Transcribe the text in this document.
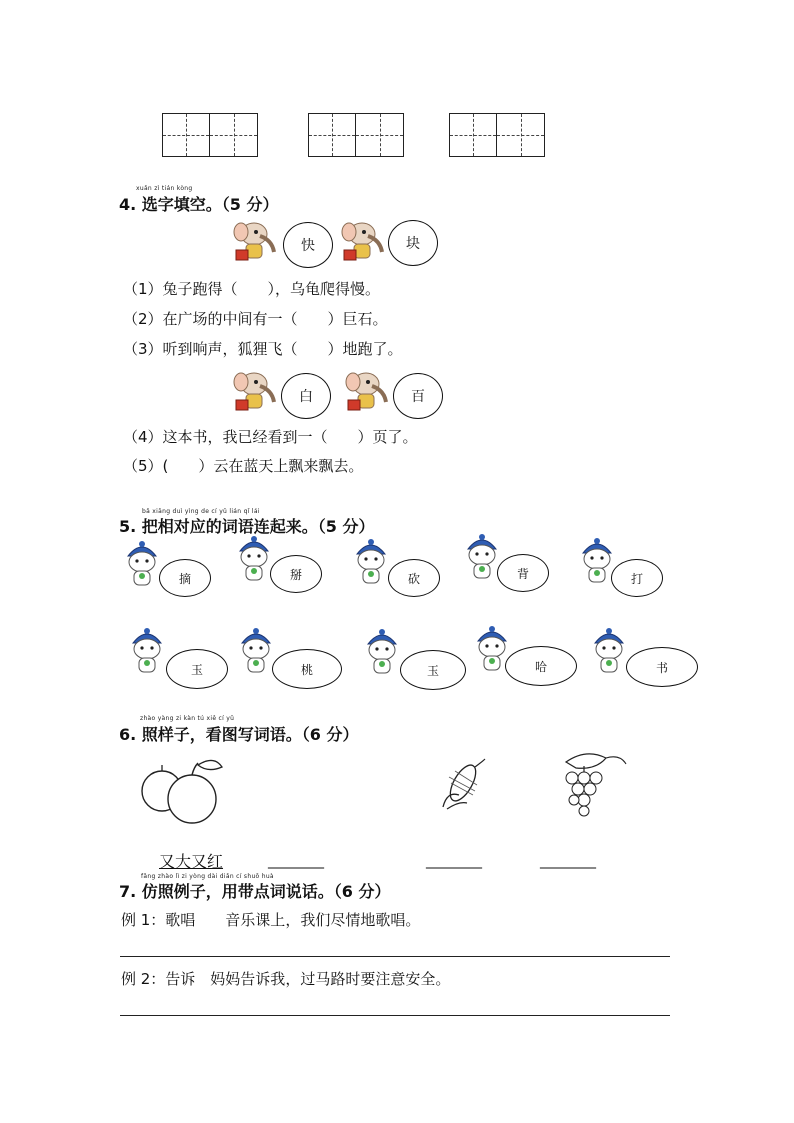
xuǎn zì tián kòng
4. 选字填空。（5 分）
快	块
（1）兔子跑得（　　），乌龟爬得慢。
（2）在广场的中间有一（　　）巨石。
（3）听到响声，狐狸飞（　　）地跑了。
白	百
（4）这本书，我已经看到一（　　）页了。
（5）(　　）云在蓝天上飘来飘去。
bǎ xiāng duì yìng de cí yǔ lián qǐ lái
5. 把相对应的词语连起来。（5 分）
摘	掰	砍	背	打
玉	桃	玉	哈	书
zhào yàng zi kàn tú xiě cí yǔ
6. 照样子，看图写词语。（6 分）
又大又红	________	________	________
fǎng zhào lì zi yòng dài diǎn cí shuō huà
7. 仿照例子，用带点词说话。（6 分）
例 1：歌唱　　音乐课上，我们尽情地歌唱。
例 2：告诉　妈妈告诉我，过马路时要注意安全。
